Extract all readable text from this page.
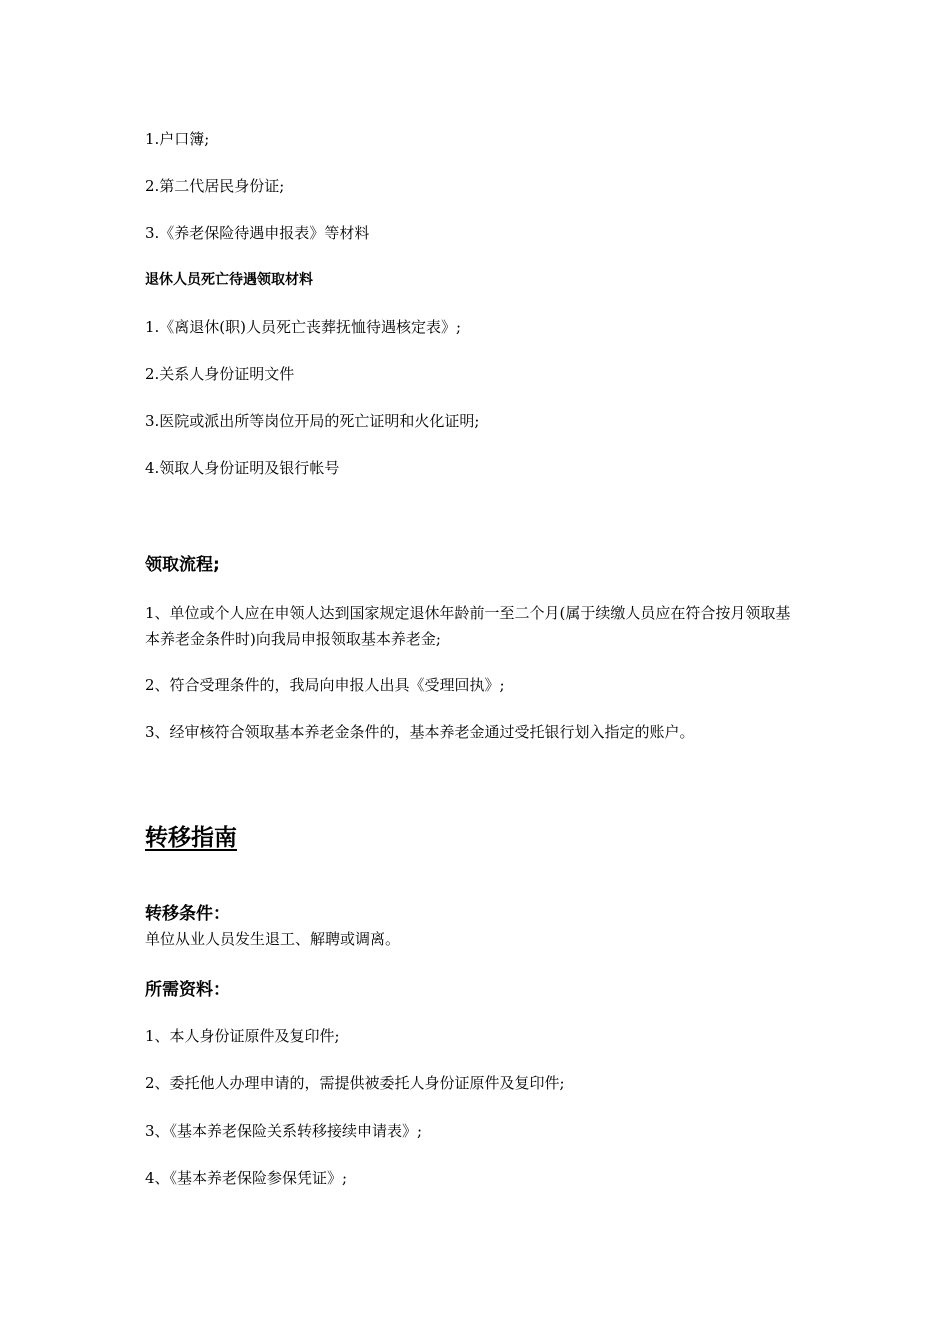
1.户口簿;
2.第二代居民身份证;
3.《养老保险待遇申报表》等材料
退休人员死亡待遇领取材料
1.《离退休(职)人员死亡丧葬抚恤待遇核定表》;
2.关系人身份证明文件
3.医院或派出所等岗位开局的死亡证明和火化证明;
4.领取人身份证明及银行帐号
领取流程;
1、单位或个人应在申领人达到国家规定退休年龄前一至二个月(属于续缴人员应在符合按月领取基本养老金条件时)向我局申报领取基本养老金;
2、符合受理条件的，我局向申报人出具《受理回执》;
3、经审核符合领取基本养老金条件的，基本养老金通过受托银行划入指定的账户。
转移指南
转移条件：
单位从业人员发生退工、解聘或调离。
所需资料：
1、本人身份证原件及复印件;
2、委托他人办理申请的，需提供被委托人身份证原件及复印件;
3、《基本养老保险关系转移接续申请表》;
4、《基本养老保险参保凭证》;
